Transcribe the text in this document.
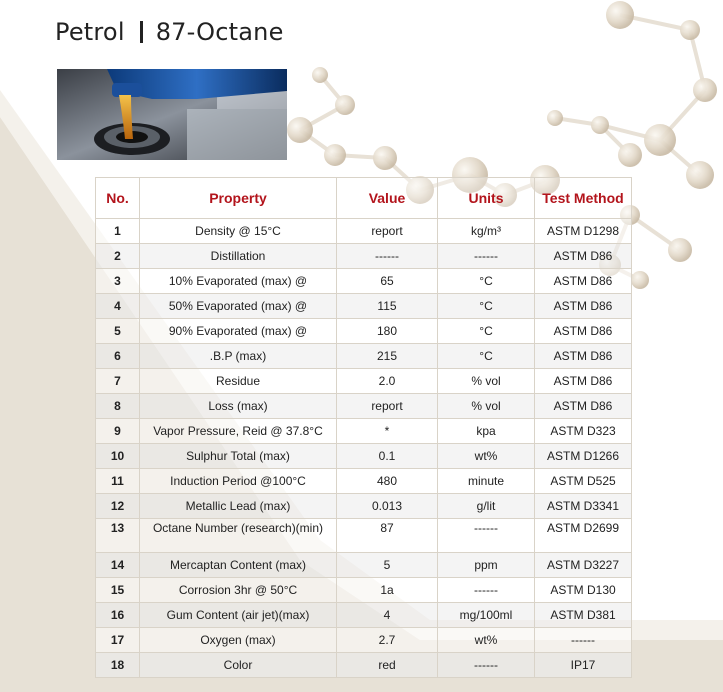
Petrol 87-Octane
No.	Property	Value	Units	Test Method
1	Density @ 15°C	report	kg/m³	ASTM D1298
2	Distillation	------	------	ASTM D86
3	10% Evaporated (max) @	65	°C	ASTM D86
4	50% Evaporated (max) @	115	°C	ASTM D86
5	90% Evaporated (max) @	180	°C	ASTM D86
6	.B.P (max)	215	°C	ASTM D86
7	Residue	2.0	% vol	ASTM D86
8	Loss (max)	report	% vol	ASTM D86
9	Vapor Pressure, Reid @ 37.8°C	*	kpa	ASTM D323
10	Sulphur Total (max)	0.1	wt%	ASTM D1266
11	Induction Period @100°C	480	minute	ASTM D525
12	Metallic Lead (max)	0.013	g/lit	ASTM D3341
13	Octane Number (research)(min)	87	------	ASTM D2699
14	Mercaptan Content (max)	5	ppm	ASTM D3227
15	Corrosion 3hr @ 50°C	1a	------	ASTM D130
16	Gum Content (air jet)(max)	4	mg/100ml	ASTM D381
17	Oxygen (max)	2.7	wt%	------
18	Color	red	------	IP17
